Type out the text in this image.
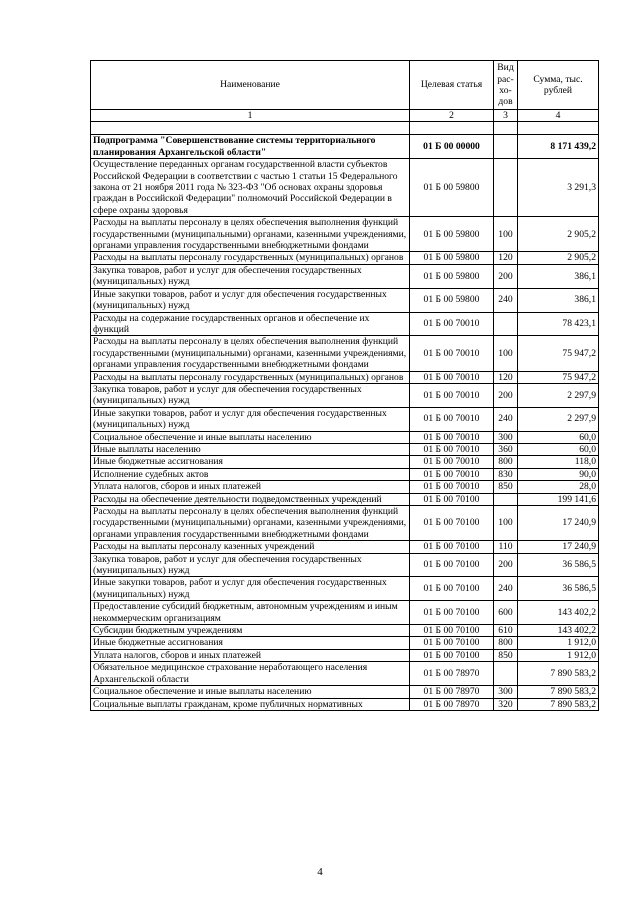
Наименование	Целевая статья	Вид рас- хо- дов	Сумма, тыс. рублей
1	2	3	4

Подпрограмма "Совершенствование системы территориального планирования Архангельской области"	01 Б 00 00000		8 171 439,2
Осуществление переданных органам государственной власти субъектов Российской Федерации в соответствии с частью 1 статьи 15 Федерального закона от 21 ноября 2011 года № 323-ФЗ "Об основах охраны здоровья граждан в Российской Федерации" полномочий Российской Федерации в сфере охраны здоровья	01 Б 00 59800		3 291,3
Расходы на выплаты персоналу в целях обеспечения выполнения функций государственными (муниципальными) органами, казенными учреждениями, органами управления государственными внебюджетными фондами	01 Б 00 59800	100	2 905,2
Расходы на выплаты персоналу государственных (муниципальных) органов	01 Б 00 59800	120	2 905,2
Закупка товаров, работ и услуг для обеспечения государственных (муниципальных) нужд	01 Б 00 59800	200	386,1
Иные закупки товаров, работ и услуг для обеспечения государственных (муниципальных) нужд	01 Б 00 59800	240	386,1
Расходы на содержание государственных органов и обеспечение их функций	01 Б 00 70010		78 423,1
Расходы на выплаты персоналу в целях обеспечения выполнения функций государственными (муниципальными) органами, казенными учреждениями, органами управления государственными внебюджетными фондами	01 Б 00 70010	100	75 947,2
Расходы на выплаты персоналу государственных (муниципальных) органов	01 Б 00 70010	120	75 947,2
Закупка товаров, работ и услуг для обеспечения государственных (муниципальных) нужд	01 Б 00 70010	200	2 297,9
Иные закупки товаров, работ и услуг для обеспечения государственных (муниципальных) нужд	01 Б 00 70010	240	2 297,9
Социальное обеспечение и иные выплаты населению	01 Б 00 70010	300	60,0
Иные выплаты населению	01 Б 00 70010	360	60,0
Иные бюджетные ассигнования	01 Б 00 70010	800	118,0
Исполнение судебных актов	01 Б 00 70010	830	90,0
Уплата налогов, сборов и иных платежей	01 Б 00 70010	850	28,0
Расходы на обеспечение деятельности подведомственных учреждений	01 Б 00 70100		199 141,6
Расходы на выплаты персоналу в целях обеспечения выполнения функций государственными (муниципальными) органами, казенными учреждениями, органами управления государственными внебюджетными фондами	01 Б 00 70100	100	17 240,9
Расходы на выплаты персоналу казенных учреждений	01 Б 00 70100	110	17 240,9
Закупка товаров, работ и услуг для обеспечения государственных (муниципальных) нужд	01 Б 00 70100	200	36 586,5
Иные закупки товаров, работ и услуг для обеспечения государственных (муниципальных) нужд	01 Б 00 70100	240	36 586,5
Предоставление субсидий бюджетным, автономным учреждениям и иным некоммерческим организациям	01 Б 00 70100	600	143 402,2
Субсидии бюджетным учреждениям	01 Б 00 70100	610	143 402,2
Иные бюджетные ассигнования	01 Б 00 70100	800	1 912,0
Уплата налогов, сборов и иных платежей	01 Б 00 70100	850	1 912,0
Обязательное медицинское страхование неработающего населения Архангельской области	01 Б 00 78970		7 890 583,2
Социальное обеспечение и иные выплаты населению	01 Б 00 78970	300	7 890 583,2
Социальные выплаты гражданам, кроме публичных нормативных	01 Б 00 78970	320	7 890 583,2
4
